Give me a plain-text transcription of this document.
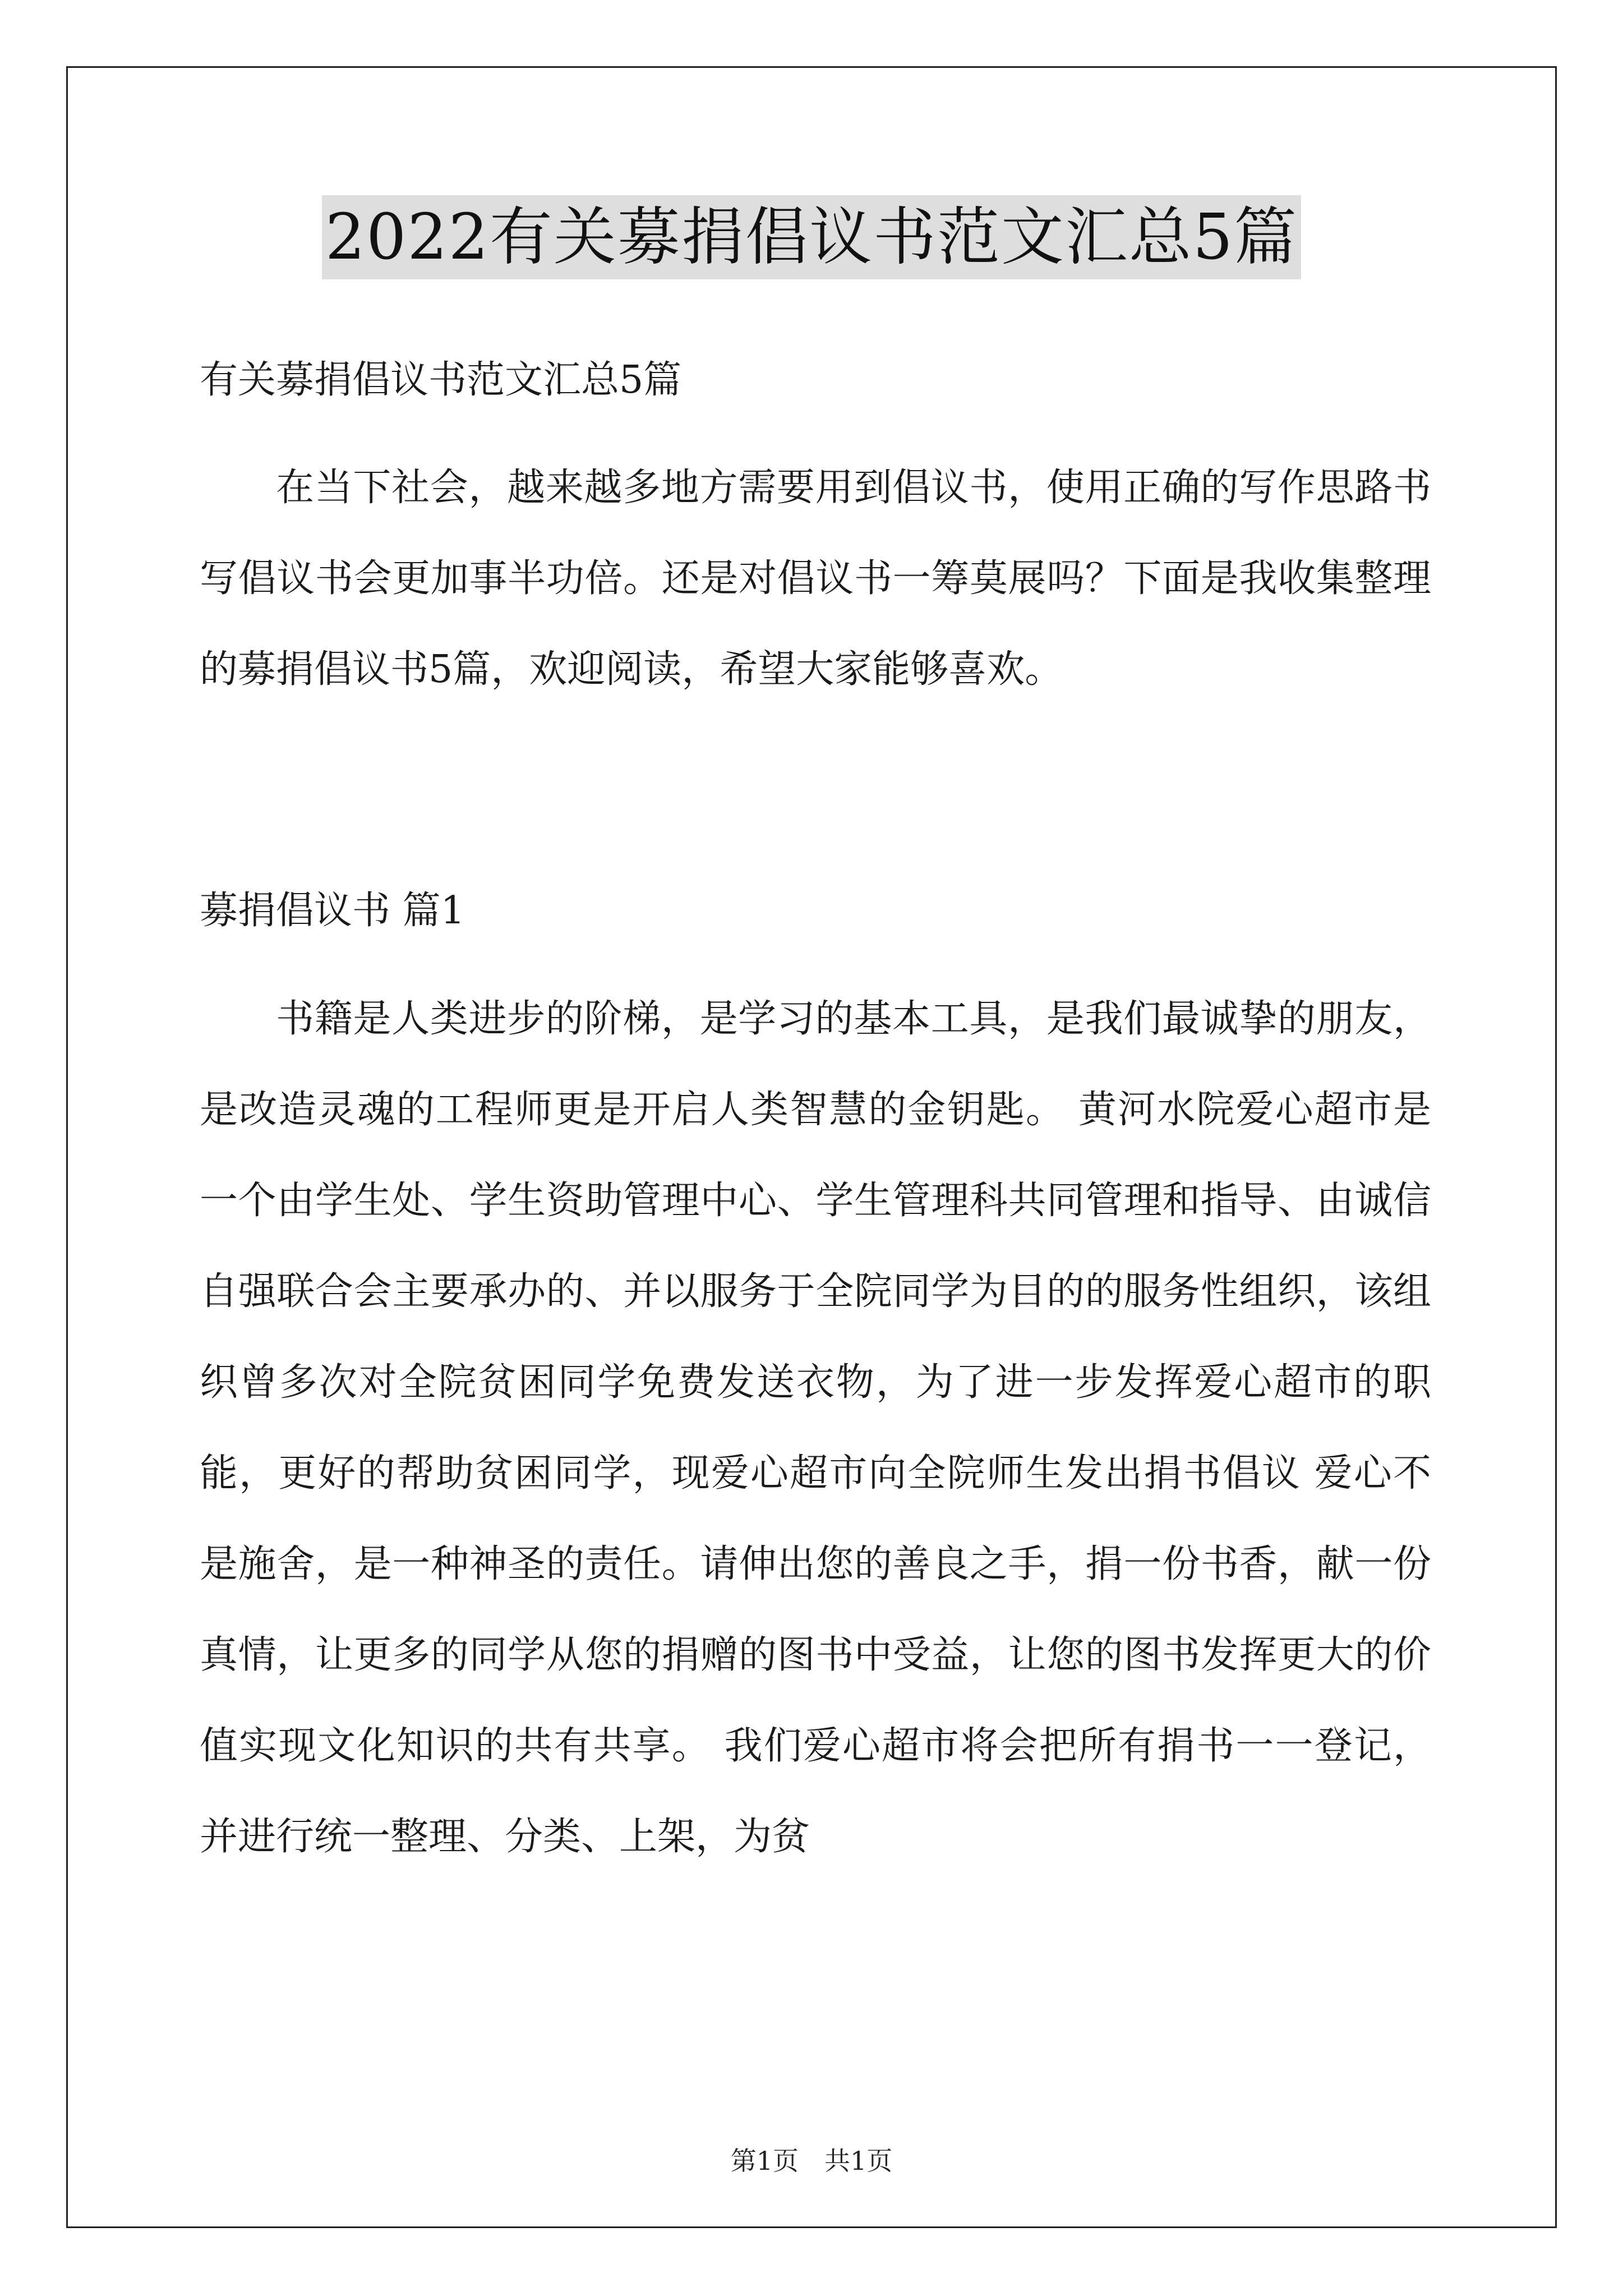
2022有关募捐倡议书范文汇总5篇
有关募捐倡议书范文汇总5篇

在当下社会，越来越多地方需要用到倡议书，使用正确的写作思路书写倡议书会更加事半功倍。还是对倡议书一筹莫展吗？下面是我收集整理的募捐倡议书5篇，欢迎阅读，希望大家能够喜欢。

募捐倡议书 篇1

书籍是人类进步的阶梯，是学习的基本工具，是我们最诚挚的朋友，是改造灵魂的工程师更是开启人类智慧的金钥匙。 黄河水院爱心超市是一个由学生处、学生资助管理中心、学生管理科共同管理和指导、由诚信自强联合会主要承办的、并以服务于全院同学为目的的服务性组织，该组织曾多次对全院贫困同学免费发送衣物，为了进一步发挥爱心超市的职能，更好的帮助贫困同学，现爱心超市向全院师生发出捐书倡议 爱心不是施舍，是一种神圣的责任。请伸出您的善良之手，捐一份书香，献一份真情，让更多的同学从您的捐赠的图书中受益，让您的图书发挥更大的价值实现文化知识的共有共享。 我们爱心超市将会把所有捐书一一登记，并进行统一整理、分类、上架，为贫

第1页　共1页
